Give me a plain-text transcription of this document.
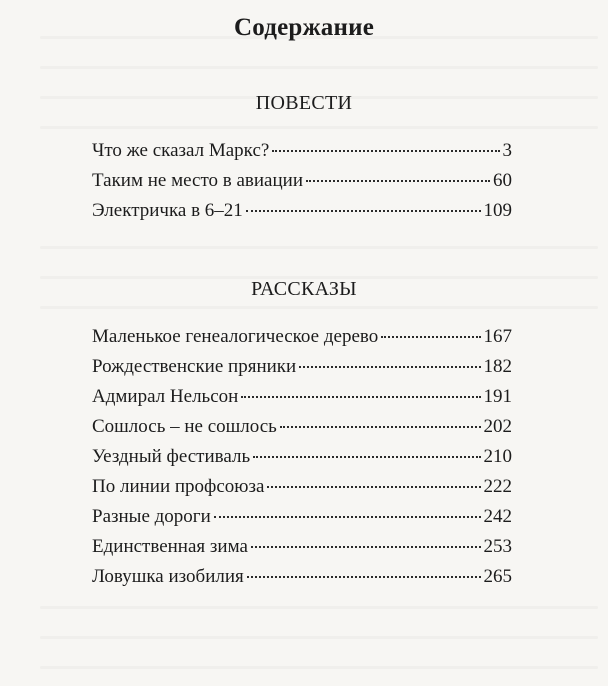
Содержание
ПОВЕСТИ
Что же сказал Маркс?	3
Таким не место в авиации	60
Электричка в 6–21	109
РАССКАЗЫ
Маленькое генеалогическое дерево	167
Рождественские пряники	182
Адмирал Нельсон	191
Сошлось – не сошлось	202
Уездный фестиваль	210
По линии профсоюза	222
Разные дороги	242
Единственная зима	253
Ловушка изобилия	265
